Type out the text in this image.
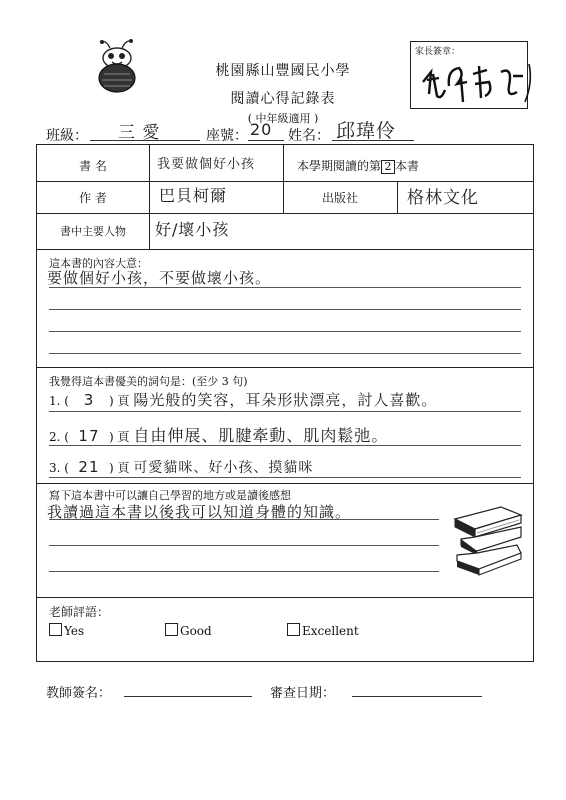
桃園縣山豐國民小學
閱讀心得記錄表
( 中年級適用 )
家長簽章：
班級： 三 愛	座號： 20 姓名： 邱瑋伶
書 名	我要做個好小孩	本學期閱讀的第 2 本書
作 者	巴貝柯爾	出版社	格林文化
書中主要人物	好/壞小孩
這本書的內容大意：
要做個好小孩，不要做壞小孩。
我覺得這本書優美的詞句是：(至少 3 句)
1. ( 3 ) 頁 陽光般的笑容，耳朵形狀漂亮，討人喜歡。
2. ( 17 ) 頁 自由伸展、肌腱牽動、肌肉鬆弛。
3. ( 21 ) 頁 可愛貓咪、好小孩、摸貓咪
寫下這本書中可以讓自己學習的地方或是讀後感想
我讀過這本書以後我可以知道身體的知識。
老師評語：
Yes	Good	Excellent
教師簽名：	審查日期：
